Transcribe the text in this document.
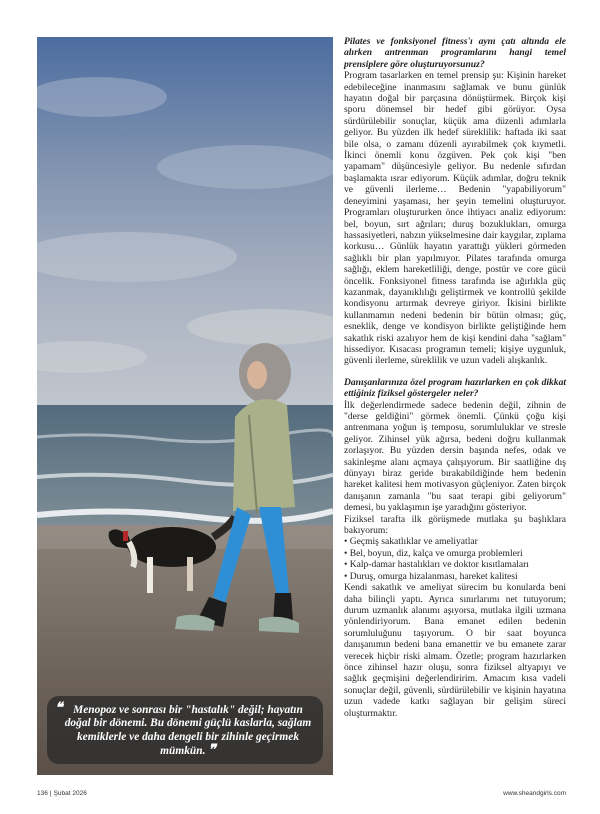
❝ Menopoz ve sonrası bir "hastalık" değil; hayatın doğal bir dönemi. Bu dönemi güçlü kaslarla, sağlam kemiklerle ve daha dengeli bir zihinle geçirmek mümkün. ❞

Pilates ve fonksiyonel fitness'ı aynı çatı altında ele alırken antrenman programlarını hangi temel prensiplere göre oluşturuyorsunuz?

Program tasarlarken en temel prensip şu: Kişinin hareket edebileceğine inanmasını sağlamak ve bunu günlük hayatın doğal bir parçasına dönüştürmek. Birçok kişi sporu dönemsel bir hedef gibi görüyor. Oysa sürdürülebilir sonuçlar, küçük ama düzenli adımlarla geliyor. Bu yüzden ilk hedef süreklilik: haftada iki saat bile olsa, o zamanı düzenli ayırabilmek çok kıymetli. İkinci önemli konu özgüven. Pek çok kişi "ben yapamam" düşüncesiyle geliyor. Bu nedenle sıfırdan başlamakta ısrar ediyorum. Küçük adımlar, doğru teknik ve güvenli ilerleme… Bedenin "yapabiliyorum" deneyimini yaşaması, her şeyin temelini oluşturuyor. Programları oluştururken önce ihtiyacı analiz ediyorum: bel, boyun, sırt ağrıları; duruş bozuklukları, omurga hassasiyetleri, nabzın yükselmesine dair kaygılar, zıplama korkusu… Günlük hayatın yarattığı yükleri görmeden sağlıklı bir plan yapılmıyor. Pilates tarafında omurga sağlığı, eklem hareketliliği, denge, postür ve core gücü öncelik. Fonksiyonel fitness tarafında ise ağırlıkla güç kazanmak, dayanıklılığı geliştirmek ve kontrollü şekilde kondisyonu artırmak devreye giriyor. İkisini birlikte kullanmamın nedeni bedenin bir bütün olması; güç, esneklik, denge ve kondisyon birlikte geliştiğinde hem sakatlık riski azalıyor hem de kişi kendini daha "sağlam" hissediyor. Kısacası programın temeli; kişiye uygunluk, güvenli ilerleme, süreklilik ve uzun vadeli alışkanlık.

Danışanlarınıza özel program hazırlarken en çok dikkat ettiğiniz fiziksel göstergeler neler?

İlk değerlendirmede sadece bedenin değil, zihnin de "derse geldiğini" görmek önemli. Çünkü çoğu kişi antrenmana yoğun iş temposu, sorumluluklar ve stresle geliyor. Zihinsel yük ağırsa, bedeni doğru kullanmak zorlaşıyor. Bu yüzden dersin başında nefes, odak ve sakinleşme alanı açmaya çalışıyorum. Bir saatliğine dış dünyayı biraz geride bırakabildiğinde hem bedenin hareket kalitesi hem motivasyon güçleniyor. Zaten birçok danışanın zamanla "bu saat terapi gibi geliyorum" demesi, bu yaklaşımın işe yaradığını gösteriyor.

Fiziksel tarafta ilk görüşmede mutlaka şu başlıklara bakıyorum:

• Geçmiş sakatlıklar ve ameliyatlar
• Bel, boyun, diz, kalça ve omurga problemleri
• Kalp-damar hastalıkları ve doktor kısıtlamaları
• Duruş, omurga hizalanması, hareket kalitesi

Kendi sakatlık ve ameliyat sürecim bu konularda beni daha bilinçli yaptı. Ayrıca sınırlarımı net tutuyorum; durum uzmanlık alanımı aşıyorsa, mutlaka ilgili uzmana yönlendiriyorum. Bana emanet edilen bedenin sorumluluğunu taşıyorum. O bir saat boyunca danışanımın bedeni bana emanettir ve bu emanete zarar verecek hiçbir riski almam. Özetle; program hazırlarken önce zihinsel hazır oluşu, sonra fiziksel altyapıyı ve sağlık geçmişini değerlendiririm. Amacım kısa vadeli sonuçlar değil, güvenli, sürdürülebilir ve kişinin hayatına uzun vadede katkı sağlayan bir gelişim süreci oluşturmaktır.

136 | Şubat 2026	www.sheandgirls.com
